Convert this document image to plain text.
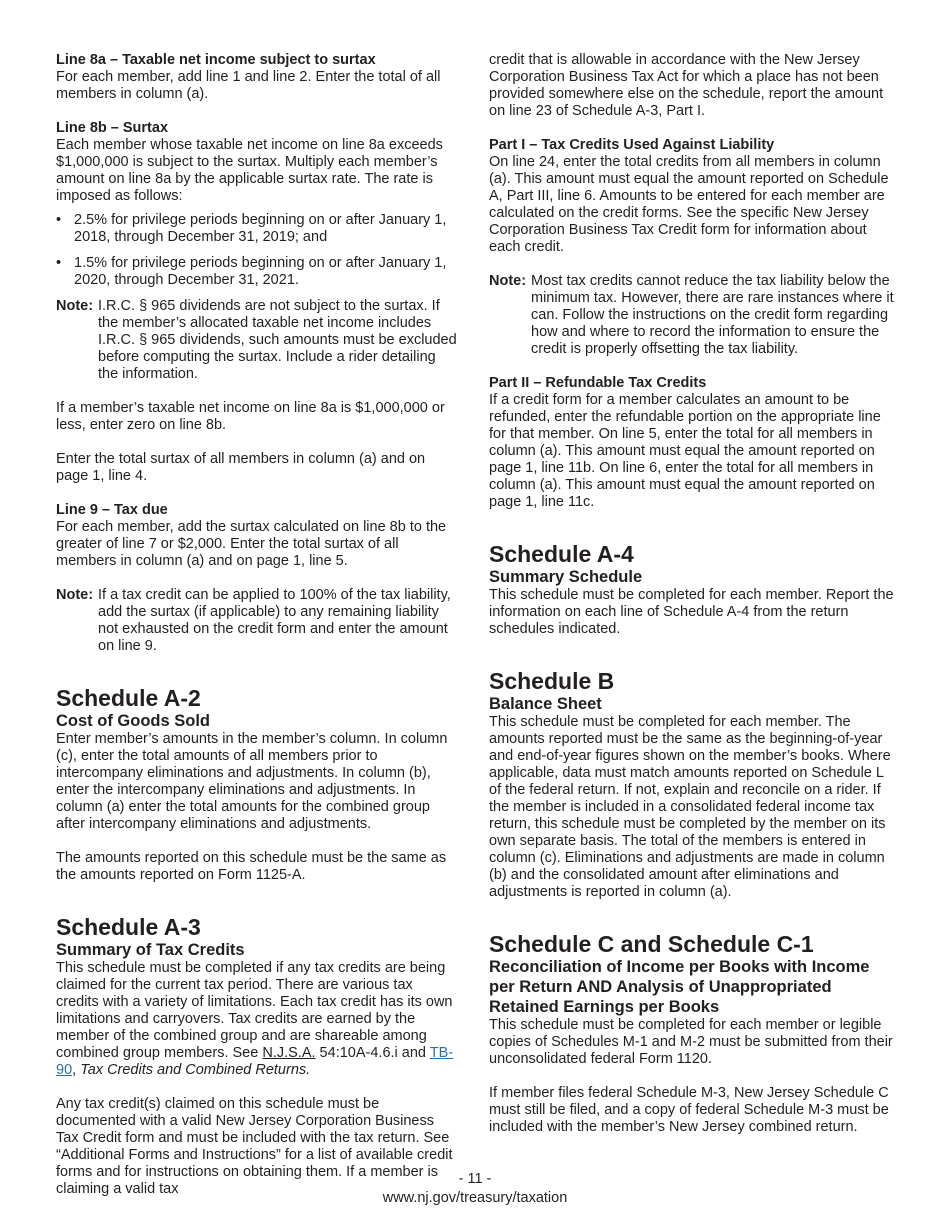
Line 8a – Taxable net income subject to surtax

For each member, add line 1 and line 2. Enter the total of all members in column (a).

Line 8b – Surtax

Each member whose taxable net income on line 8a exceeds $1,000,000 is subject to the surtax. Multiply each member’s amount on line 8a by the applicable surtax rate. The rate is imposed as follows:

• 2.5% for privilege periods beginning on or after January 1, 2018, through December 31, 2019; and
• 1.5% for privilege periods beginning on or after January 1, 2020, through December 31, 2021.
Note: I.R.C. § 965 dividends are not subject to the surtax. If the member’s allocated taxable net income includes I.R.C. § 965 dividends, such amounts must be excluded before computing the surtax. Include a rider detailing the information.

If a member’s taxable net income on line 8a is $1,000,000 or less, enter zero on line 8b.

Enter the total surtax of all members in column (a) and on page 1, line 4.

Line 9 – Tax due

For each member, add the surtax calculated on line 8b to the greater of line 7 or $2,000. Enter the total surtax of all members in column (a) and on page 1, line 5.

Note: If a tax credit can be applied to 100% of the tax liability, add the surtax (if applicable) to any remaining liability not exhausted on the credit form and enter the amount on line 9.
Schedule A-2
Cost of Goods Sold

Enter member’s amounts in the member’s column. In column (c), enter the total amounts of all members prior to intercompany eliminations and adjustments. In column (b), enter the intercompany eliminations and adjustments. In column (a) enter the total amounts for the combined group after intercompany eliminations and adjustments.

The amounts reported on this schedule must be the same as the amounts reported on Form 1125-A.

Schedule A-3
Summary of Tax Credits

This schedule must be completed if any tax credits are being claimed for the current tax period. There are various tax credits with a variety of limitations. Each tax credit has its own limitations and carryovers. Tax credits are earned by the member of the combined group and are shareable among combined group members. See N.J.S.A. 54:10A-4.6.i and TB-90, Tax Credits and Combined Returns.

Any tax credit(s) claimed on this schedule must be documented with a valid New Jersey Corporation Business Tax Credit form and must be included with the tax return. See “Additional Forms and Instructions” for a list of available credit forms and for instructions on obtaining them. If a member is claiming a valid tax

credit that is allowable in accordance with the New Jersey Corporation Business Tax Act for which a place has not been provided somewhere else on the schedule, report the amount on line 23 of Schedule A-3, Part I.

Part I – Tax Credits Used Against Liability

On line 24, enter the total credits from all members in column (a). This amount must equal the amount reported on Schedule A, Part III, line 6. Amounts to be entered for each member are calculated on the credit forms. See the specific New Jersey Corporation Business Tax Credit form for information about each credit.

Note: Most tax credits cannot reduce the tax liability below the minimum tax. However, there are rare instances where it can. Follow the instructions on the credit form regarding how and where to record the information to ensure the credit is properly offsetting the tax liability.

Part II – Refundable Tax Credits

If a credit form for a member calculates an amount to be refunded, enter the refundable portion on the appropriate line for that member. On line 5, enter the total for all members in column (a). This amount must equal the amount reported on page 1, line 11b. On line 6, enter the total for all members in column (a). This amount must equal the amount reported on page 1, line 11c.

Schedule A-4
Summary Schedule

This schedule must be completed for each member. Report the information on each line of Schedule A-4 from the return schedules indicated.

Schedule B
Balance Sheet

This schedule must be completed for each member. The amounts reported must be the same as the beginning-of-year and end-of-year figures shown on the member’s books. Where applicable, data must match amounts reported on Schedule L of the federal return. If not, explain and reconcile on a rider. If the member is included in a consolidated federal income tax return, this schedule must be completed by the member on its own separate basis. The total of the members is entered in column (c). Eliminations and adjustments are made in column (b) and the consolidated amount after eliminations and adjustments is reported in column (a).

Schedule C and Schedule C-1
Reconciliation of Income per Books with Income per Return AND Analysis of Unappropriated Retained Earnings per Books

This schedule must be completed for each member or legible copies of Schedules M-1 and M-2 must be submitted from their unconsolidated federal Form 1120.

If member files federal Schedule M-3, New Jersey Schedule C must still be filed, and a copy of federal Schedule M-3 must be included with the member’s New Jersey combined return.

- 11 -
www.nj.gov/treasury/taxation
